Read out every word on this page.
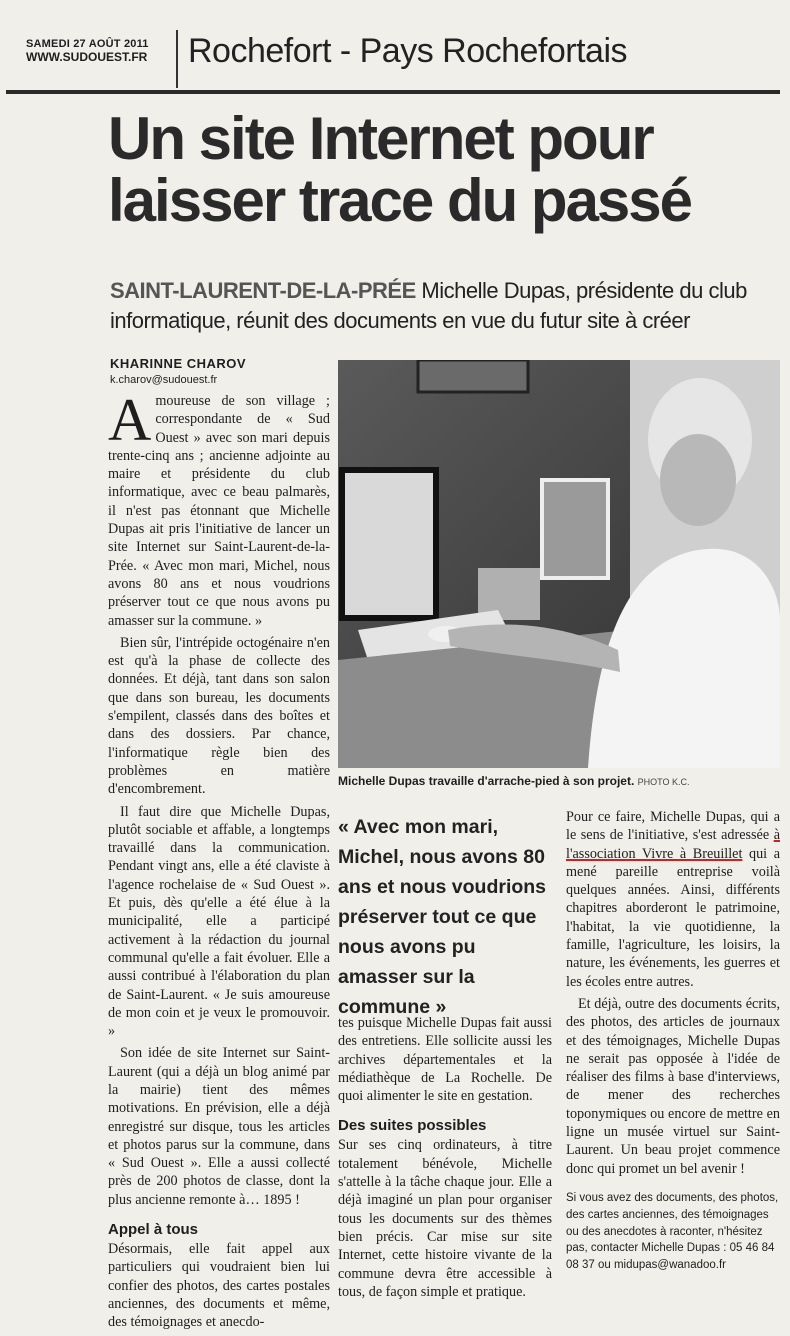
SAMEDI 27 AOÛT 2011
WWW.SUDOUEST.FR Rochefort - Pays Rochefortais
Un site Internet pour laisser trace du passé
SAINT-LAURENT-DE-LA-PRÉE Michelle Dupas, présidente du club informatique, réunit des documents en vue du futur site à créer
KHARINNE CHAROV
k.charov@sudouest.fr

Amoureuse de son village ; correspondante de « Sud Ouest » avec son mari depuis trente-cinq ans ; ancienne adjointe au maire et présidente du club informatique, avec ce beau palmarès, il n'est pas étonnant que Michelle Dupas ait pris l'initiative de lancer un site Internet sur Saint-Laurent-de-la-Prée. « Avec mon mari, Michel, nous avons 80 ans et nous voudrions préserver tout ce que nous avons pu amasser sur la commune. »

Bien sûr, l'intrépide octogénaire n'en est qu'à la phase de collecte des données. Et déjà, tant dans son salon que dans son bureau, les documents s'empilent, classés dans des boîtes et dans des dossiers. Par chance, l'informatique règle bien des problèmes en matière d'encombrement.

Il faut dire que Michelle Dupas, plutôt sociable et affable, a longtemps travaillé dans la communication. Pendant vingt ans, elle a été claviste à l'agence rochelaise de « Sud Ouest ». Et puis, dès qu'elle a été élue à la municipalité, elle a participé activement à la rédaction du journal communal qu'elle a fait évoluer. Elle a aussi contribué à l'élaboration du plan de Saint-Laurent. « Je suis amoureuse de mon coin et je veux le promouvoir. »

Son idée de site Internet sur Saint-Laurent (qui a déjà un blog animé par la mairie) tient des mêmes motivations. En prévision, elle a déjà enregistré sur disque, tous les articles et photos parus sur la commune, dans « Sud Ouest ». Elle a aussi collecté près de 200 photos de classe, dont la plus ancienne remonte à… 1895 !

Appel à tous

Désormais, elle fait appel aux particuliers qui voudraient bien lui confier des photos, des cartes postales anciennes, des documents et même, des témoignages et anecdo-

Michelle Dupas travaille d'arrache-pied à son projet. PHOTO K.C.
« Avec mon mari, Michel, nous avons 80 ans et nous voudrions préserver tout ce que nous avons pu amasser sur la commune »

tes puisque Michelle Dupas fait aussi des entretiens. Elle sollicite aussi les archives départementales et la médiathèque de La Rochelle. De quoi alimenter le site en gestation.

Des suites possibles

Sur ses cinq ordinateurs, à titre totalement bénévole, Michelle s'attelle à la tâche chaque jour. Elle a déjà imaginé un plan pour organiser tous les documents sur des thèmes bien précis. Car mise sur site Internet, cette histoire vivante de la commune devra être accessible à tous, de façon simple et pratique.

Pour ce faire, Michelle Dupas, qui a le sens de l'initiative, s'est adressée à l'association Vivre à Breuillet qui a mené pareille entreprise voilà quelques années. Ainsi, différents chapitres aborderont le patrimoine, l'habitat, la vie quotidienne, la famille, l'agriculture, les loisirs, la nature, les événements, les guerres et les écoles entre autres.

Et déjà, outre des documents écrits, des photos, des articles de journaux et des témoignages, Michelle Dupas ne serait pas opposée à l'idée de réaliser des films à base d'interviews, de mener des recherches toponymiques ou encore de mettre en ligne un musée virtuel sur Saint-Laurent. Un beau projet commence donc qui promet un bel avenir !

Si vous avez des documents, des photos, des cartes anciennes, des témoignages ou des anecdotes à raconter, n'hésitez pas, contacter Michelle Dupas : 05 46 84 08 37 ou midupas@wanadoo.fr
